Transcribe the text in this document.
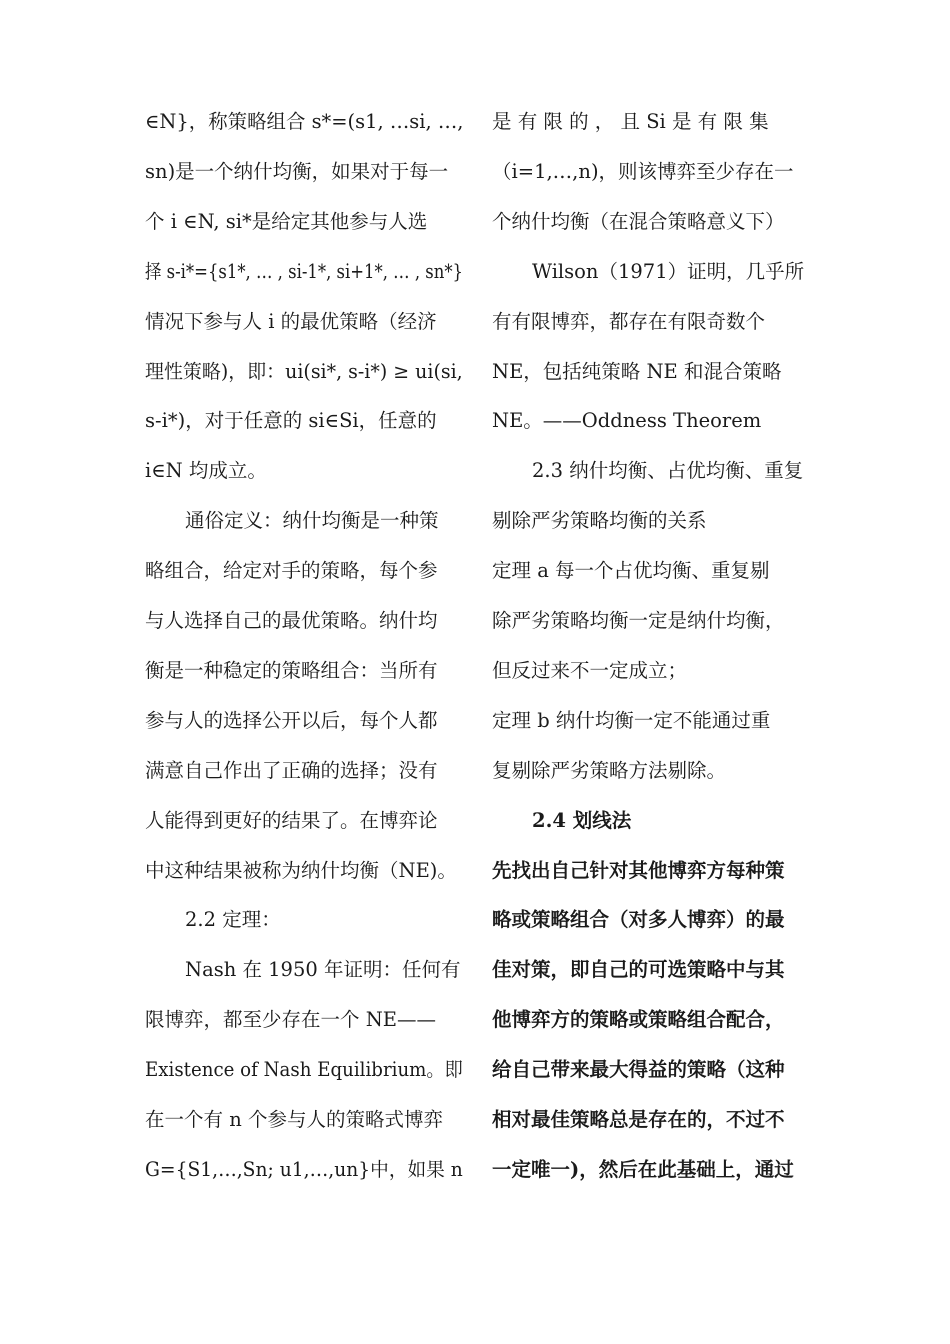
∈N}，称策略组合 s*=(s1, …si, …,
sn)是一个纳什均衡，如果对于每一
个 i ∈N, si*是给定其他参与人选
择 s-i*={s1*, … , si-1*, si+1*, … , sn*}
情况下参与人 i 的最优策略（经济
理性策略)，即：ui(si*, s-i*) ≥ ui(si,
s-i*)，对于任意的 si∈Si，任意的
i∈N 均成立。
通俗定义：纳什均衡是一种策
略组合，给定对手的策略，每个参
与人选择自己的最优策略。纳什均
衡是一种稳定的策略组合：当所有
参与人的选择公开以后，每个人都
满意自己作出了正确的选择；没有
人能得到更好的结果了。在博弈论
中这种结果被称为纳什均衡（NE)。
2.2 定理：
Nash 在 1950 年证明：任何有
限博弈，都至少存在一个 NE——
Existence of Nash Equilibrium。即
在一个有 n 个参与人的策略式博弈
G={S1,…,Sn; u1,…,un}中，如果 n
是 有 限 的 ， 且 Si 是 有 限 集
（i=1,…,n)，则该博弈至少存在一
个纳什均衡（在混合策略意义下）
Wilson（1971）证明，几乎所
有有限博弈，都存在有限奇数个
NE，包括纯策略 NE 和混合策略
NE。——Oddness Theorem
2.3 纳什均衡、占优均衡、重复
剔除严劣策略均衡的关系
定理 a 每一个占优均衡、重复剔
除严劣策略均衡一定是纳什均衡，
但反过来不一定成立；
定理 b 纳什均衡一定不能通过重
复剔除严劣策略方法剔除。
2.4 划线法
先找出自己针对其他博弈方每种策
略或策略组合（对多人博弈）的最
佳对策，即自己的可选策略中与其
他博弈方的策略或策略组合配合，
给自己带来最大得益的策略（这种
相对最佳策略总是存在的，不过不
一定唯一)，然后在此基础上，通过
